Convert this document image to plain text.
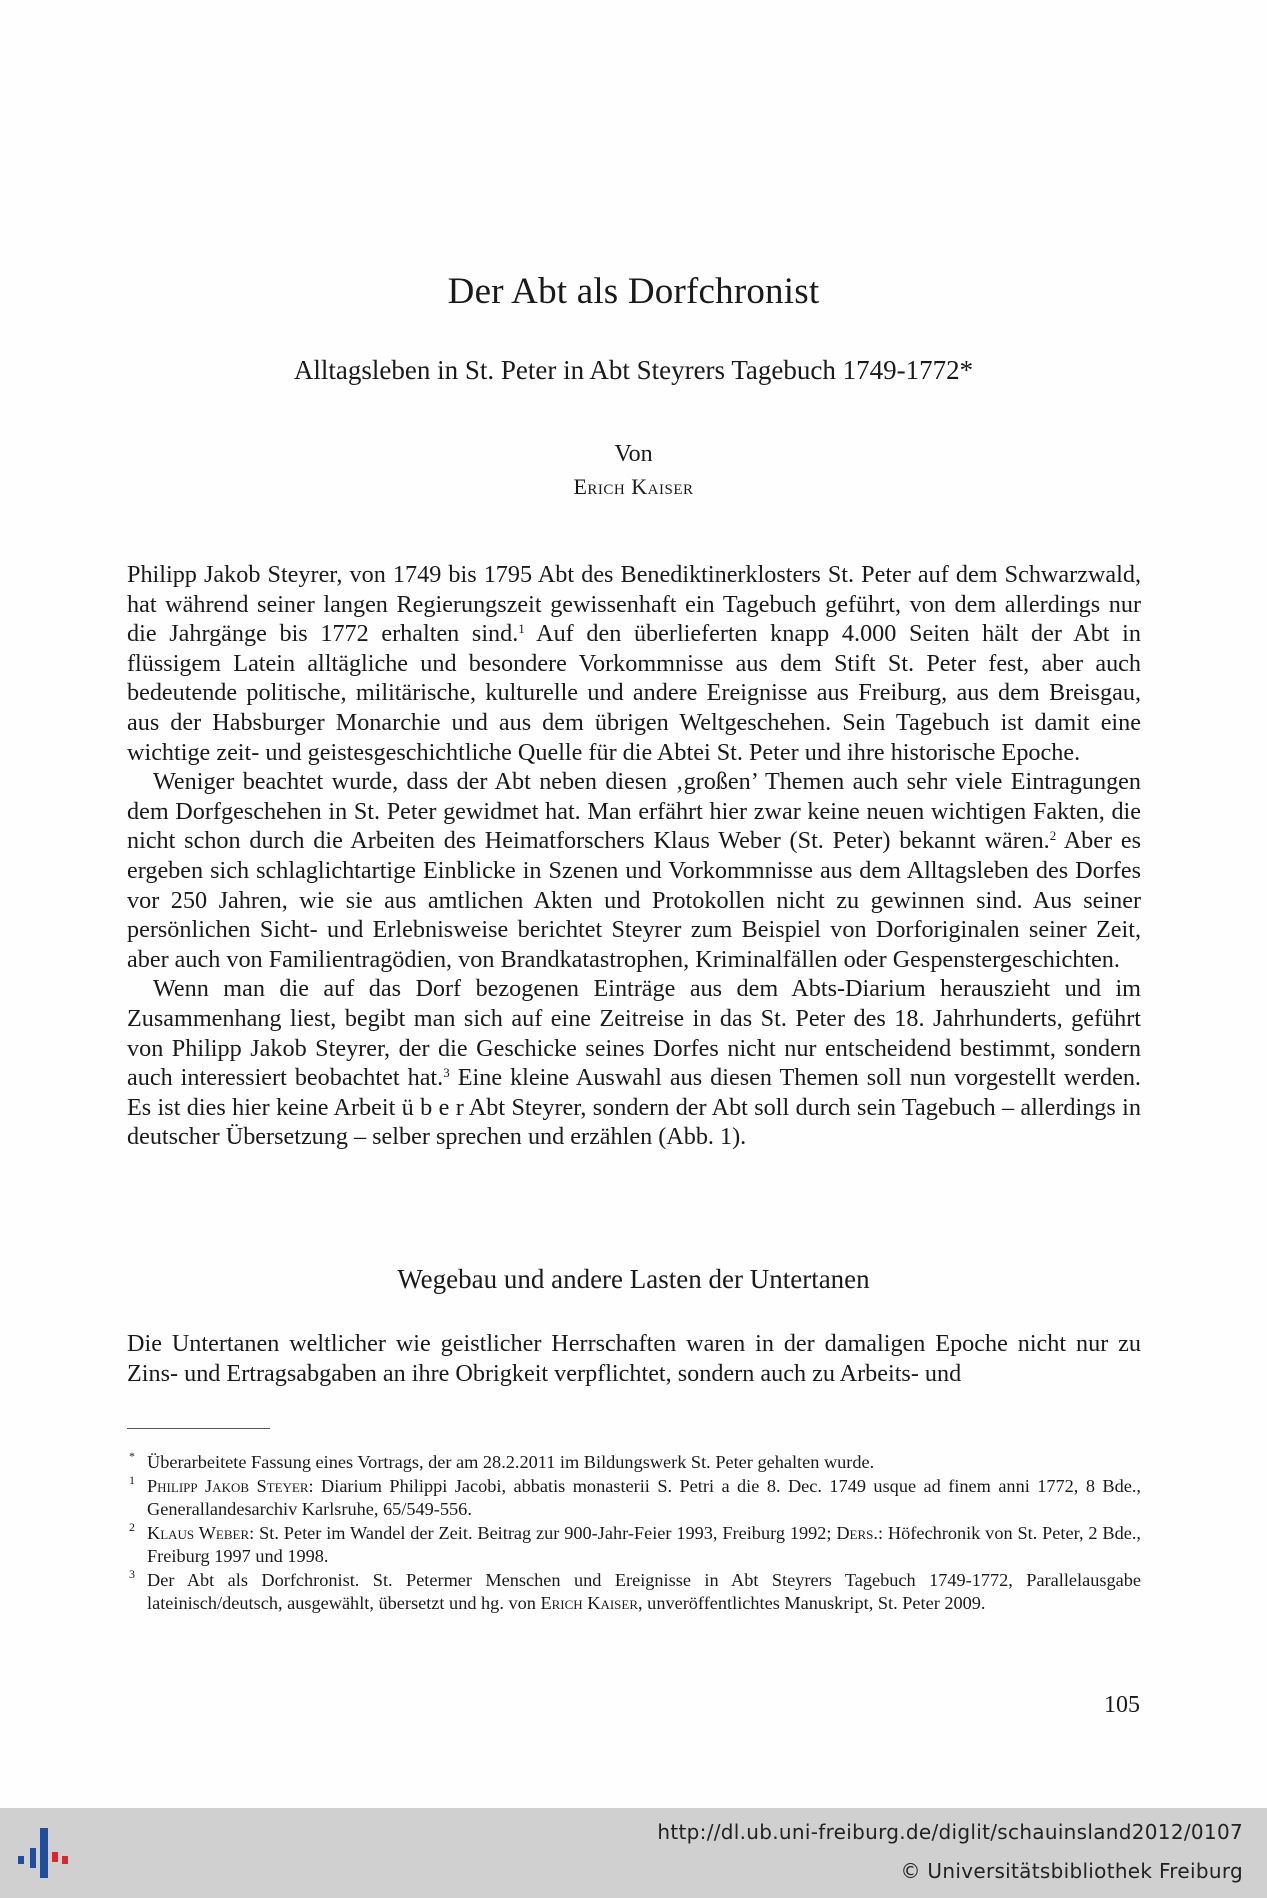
Der Abt als Dorfchronist
Alltagsleben in St. Peter in Abt Steyrers Tagebuch 1749-1772*
Von
Erich Kaiser

Philipp Jakob Steyrer, von 1749 bis 1795 Abt des Benediktinerklosters St. Peter auf dem Schwarzwald, hat während seiner langen Regierungszeit gewissenhaft ein Tagebuch geführt, von dem allerdings nur die Jahrgänge bis 1772 erhalten sind.$^1$ Auf den überlieferten knapp 4.000 Seiten hält der Abt in flüssigem Latein alltägliche und besondere Vorkommnisse aus dem Stift St. Peter fest, aber auch bedeutende politische, militärische, kulturelle und andere Ereignisse aus Freiburg, aus dem Breisgau, aus der Habsburger Monarchie und aus dem übrigen Weltgeschehen. Sein Tagebuch ist damit eine wichtige zeit- und geistesgeschichtliche Quelle für die Abtei St. Peter und ihre historische Epoche.

Weniger beachtet wurde, dass der Abt neben diesen ‚großen’ Themen auch sehr viele Eintragungen dem Dorfgeschehen in St. Peter gewidmet hat. Man erfährt hier zwar keine neuen wichtigen Fakten, die nicht schon durch die Arbeiten des Heimatforschers Klaus Weber (St. Peter) bekannt wären.$^2$ Aber es ergeben sich schlaglichtartige Einblicke in Szenen und Vorkommnisse aus dem Alltagsleben des Dorfes vor 250 Jahren, wie sie aus amtlichen Akten und Protokollen nicht zu gewinnen sind. Aus seiner persönlichen Sicht- und Erlebnisweise berichtet Steyrer zum Beispiel von Dorforiginalen seiner Zeit, aber auch von Familientragödien, von Brandkatastrophen, Kriminalfällen oder Gespenstergeschichten.

Wenn man die auf das Dorf bezogenen Einträge aus dem Abts-Diarium herauszieht und im Zusammenhang liest, begibt man sich auf eine Zeitreise in das St. Peter des 18. Jahrhunderts, geführt von Philipp Jakob Steyrer, der die Geschicke seines Dorfes nicht nur entscheidend bestimmt, sondern auch interessiert beobachtet hat.$^3$ Eine kleine Auswahl aus diesen Themen soll nun vorgestellt werden. Es ist dies hier keine Arbeit ü b e r Abt Steyrer, sondern der Abt soll durch sein Tagebuch – allerdings in deutscher Übersetzung – selber sprechen und erzählen (Abb. 1).

Wegebau und andere Lasten der Untertanen

Die Untertanen weltlicher wie geistlicher Herrschaften waren in der damaligen Epoche nicht nur zu Zins- und Ertragsabgaben an ihre Obrigkeit verpflichtet, sondern auch zu Arbeits- und

* Überarbeitete Fassung eines Vortrags, der am 28.2.2011 im Bildungswerk St. Peter gehalten wurde.

1 Philipp Jakob Steyer: Diarium Philippi Jacobi, abbatis monasterii S. Petri a die 8. Dec. 1749 usque ad finem anni 1772, 8 Bde., Generallandesarchiv Karlsruhe, 65/549-556.

2 Klaus Weber: St. Peter im Wandel der Zeit. Beitrag zur 900-Jahr-Feier 1993, Freiburg 1992; Ders.: Höfechronik von St. Peter, 2 Bde., Freiburg 1997 und 1998.

3 Der Abt als Dorfchronist. St. Petermer Menschen und Ereignisse in Abt Steyrers Tagebuch 1749-1772, Parallelausgabe lateinisch/deutsch, ausgewählt, übersetzt und hg. von Erich Kaiser, unveröffentlichtes Manuskript, St. Peter 2009.

105
http://dl.ub.uni-freiburg.de/diglit/schauinsland2012/0107
© Universitätsbibliothek Freiburg
